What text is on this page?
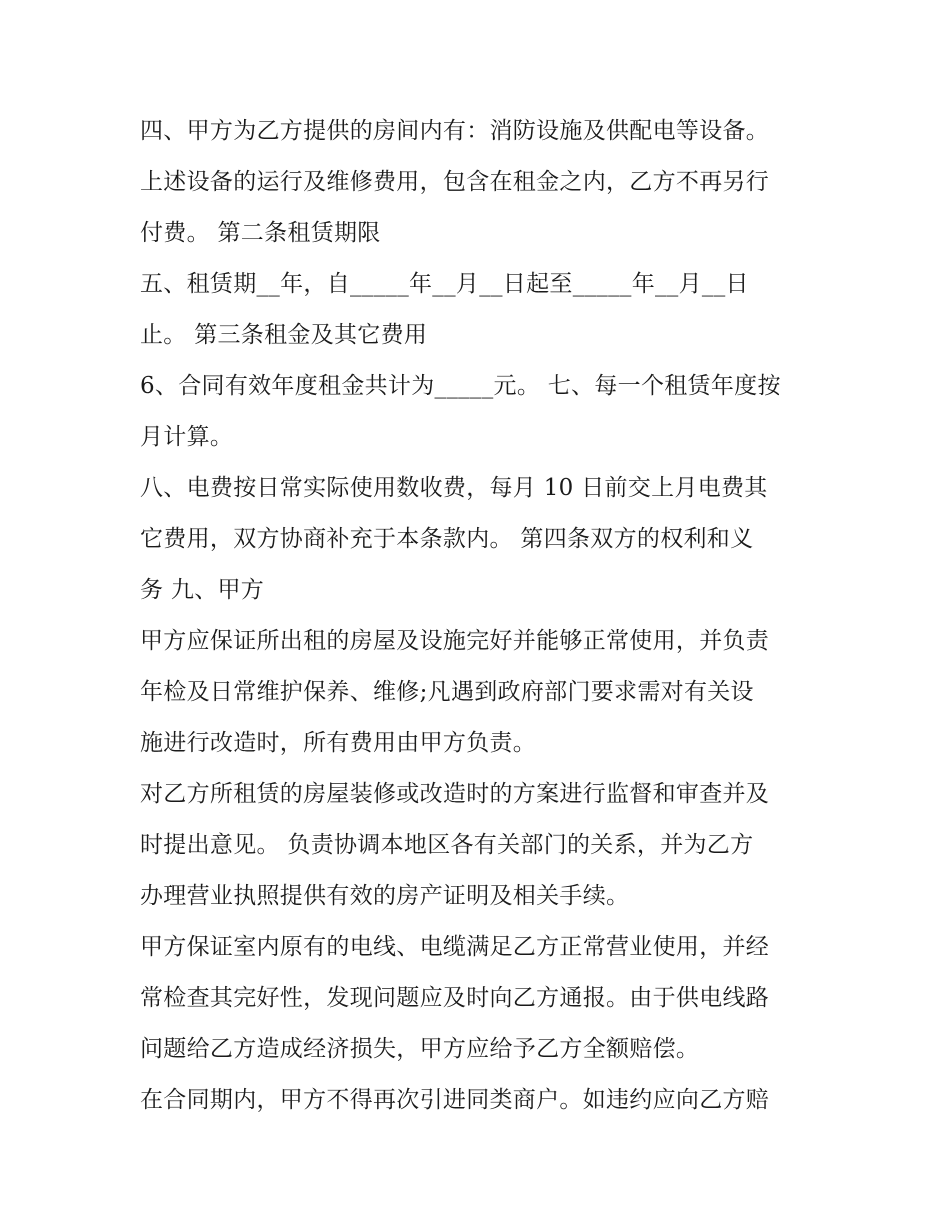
四、甲方为乙方提供的房间内有：消防设施及供配电等设备。
上述设备的运行及维修费用，包含在租金之内，乙方不再另行
付费。 第二条租赁期限
五、租赁期__年，自_____年__月__日起至_____年__月__日
止。 第三条租金及其它费用
6、合同有效年度租金共计为_____元。 七、每一个租赁年度按
月计算。
八、电费按日常实际使用数收费，每月 10 日前交上月电费其
它费用，双方协商补充于本条款内。 第四条双方的权利和义
务 九、甲方
甲方应保证所出租的房屋及设施完好并能够正常使用，并负责
年检及日常维护保养、维修;凡遇到政府部门要求需对有关设
施进行改造时，所有费用由甲方负责。
对乙方所租赁的房屋装修或改造时的方案进行监督和审查并及
时提出意见。 负责协调本地区各有关部门的关系，并为乙方
办理营业执照提供有效的房产证明及相关手续。
甲方保证室内原有的电线、电缆满足乙方正常营业使用，并经
常检查其完好性，发现问题应及时向乙方通报。由于供电线路
问题给乙方造成经济损失，甲方应给予乙方全额赔偿。
在合同期内，甲方不得再次引进同类商户。如违约应向乙方赔
